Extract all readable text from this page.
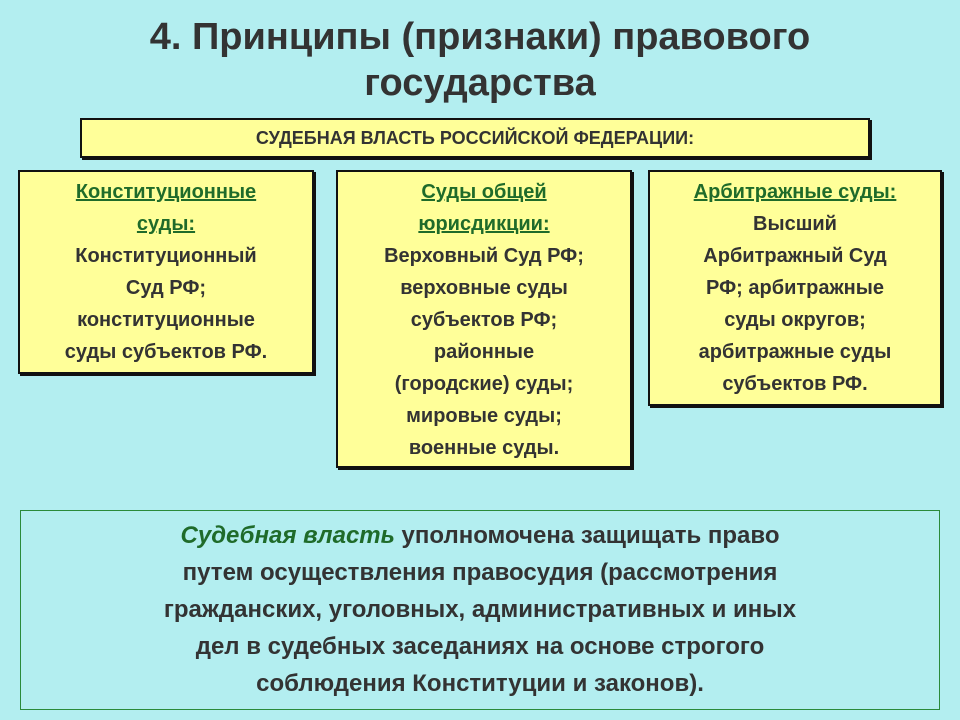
4. Принципы (признаки) правового
государства
СУДЕБНАЯ ВЛАСТЬ РОССИЙСКОЙ ФЕДЕРАЦИИ:
Конституционные
суды:
Конституционный
Суд РФ;
конституционные
суды субъектов РФ.
Суды общей
юрисдикции:
Верховный Суд РФ;
верховные суды
субъектов РФ;
районные
(городские) суды;
мировые суды;
военные суды.
Арбитражные суды:
Высший
Арбитражный Суд
РФ; арбитражные
суды округов;
арбитражные суды
субъектов РФ.
Судебная власть уполномочена защищать право
путем осуществления правосудия (рассмотрения
гражданских, уголовных, административных и иных
дел в судебных заседаниях на основе строгого
соблюдения Конституции и законов).
